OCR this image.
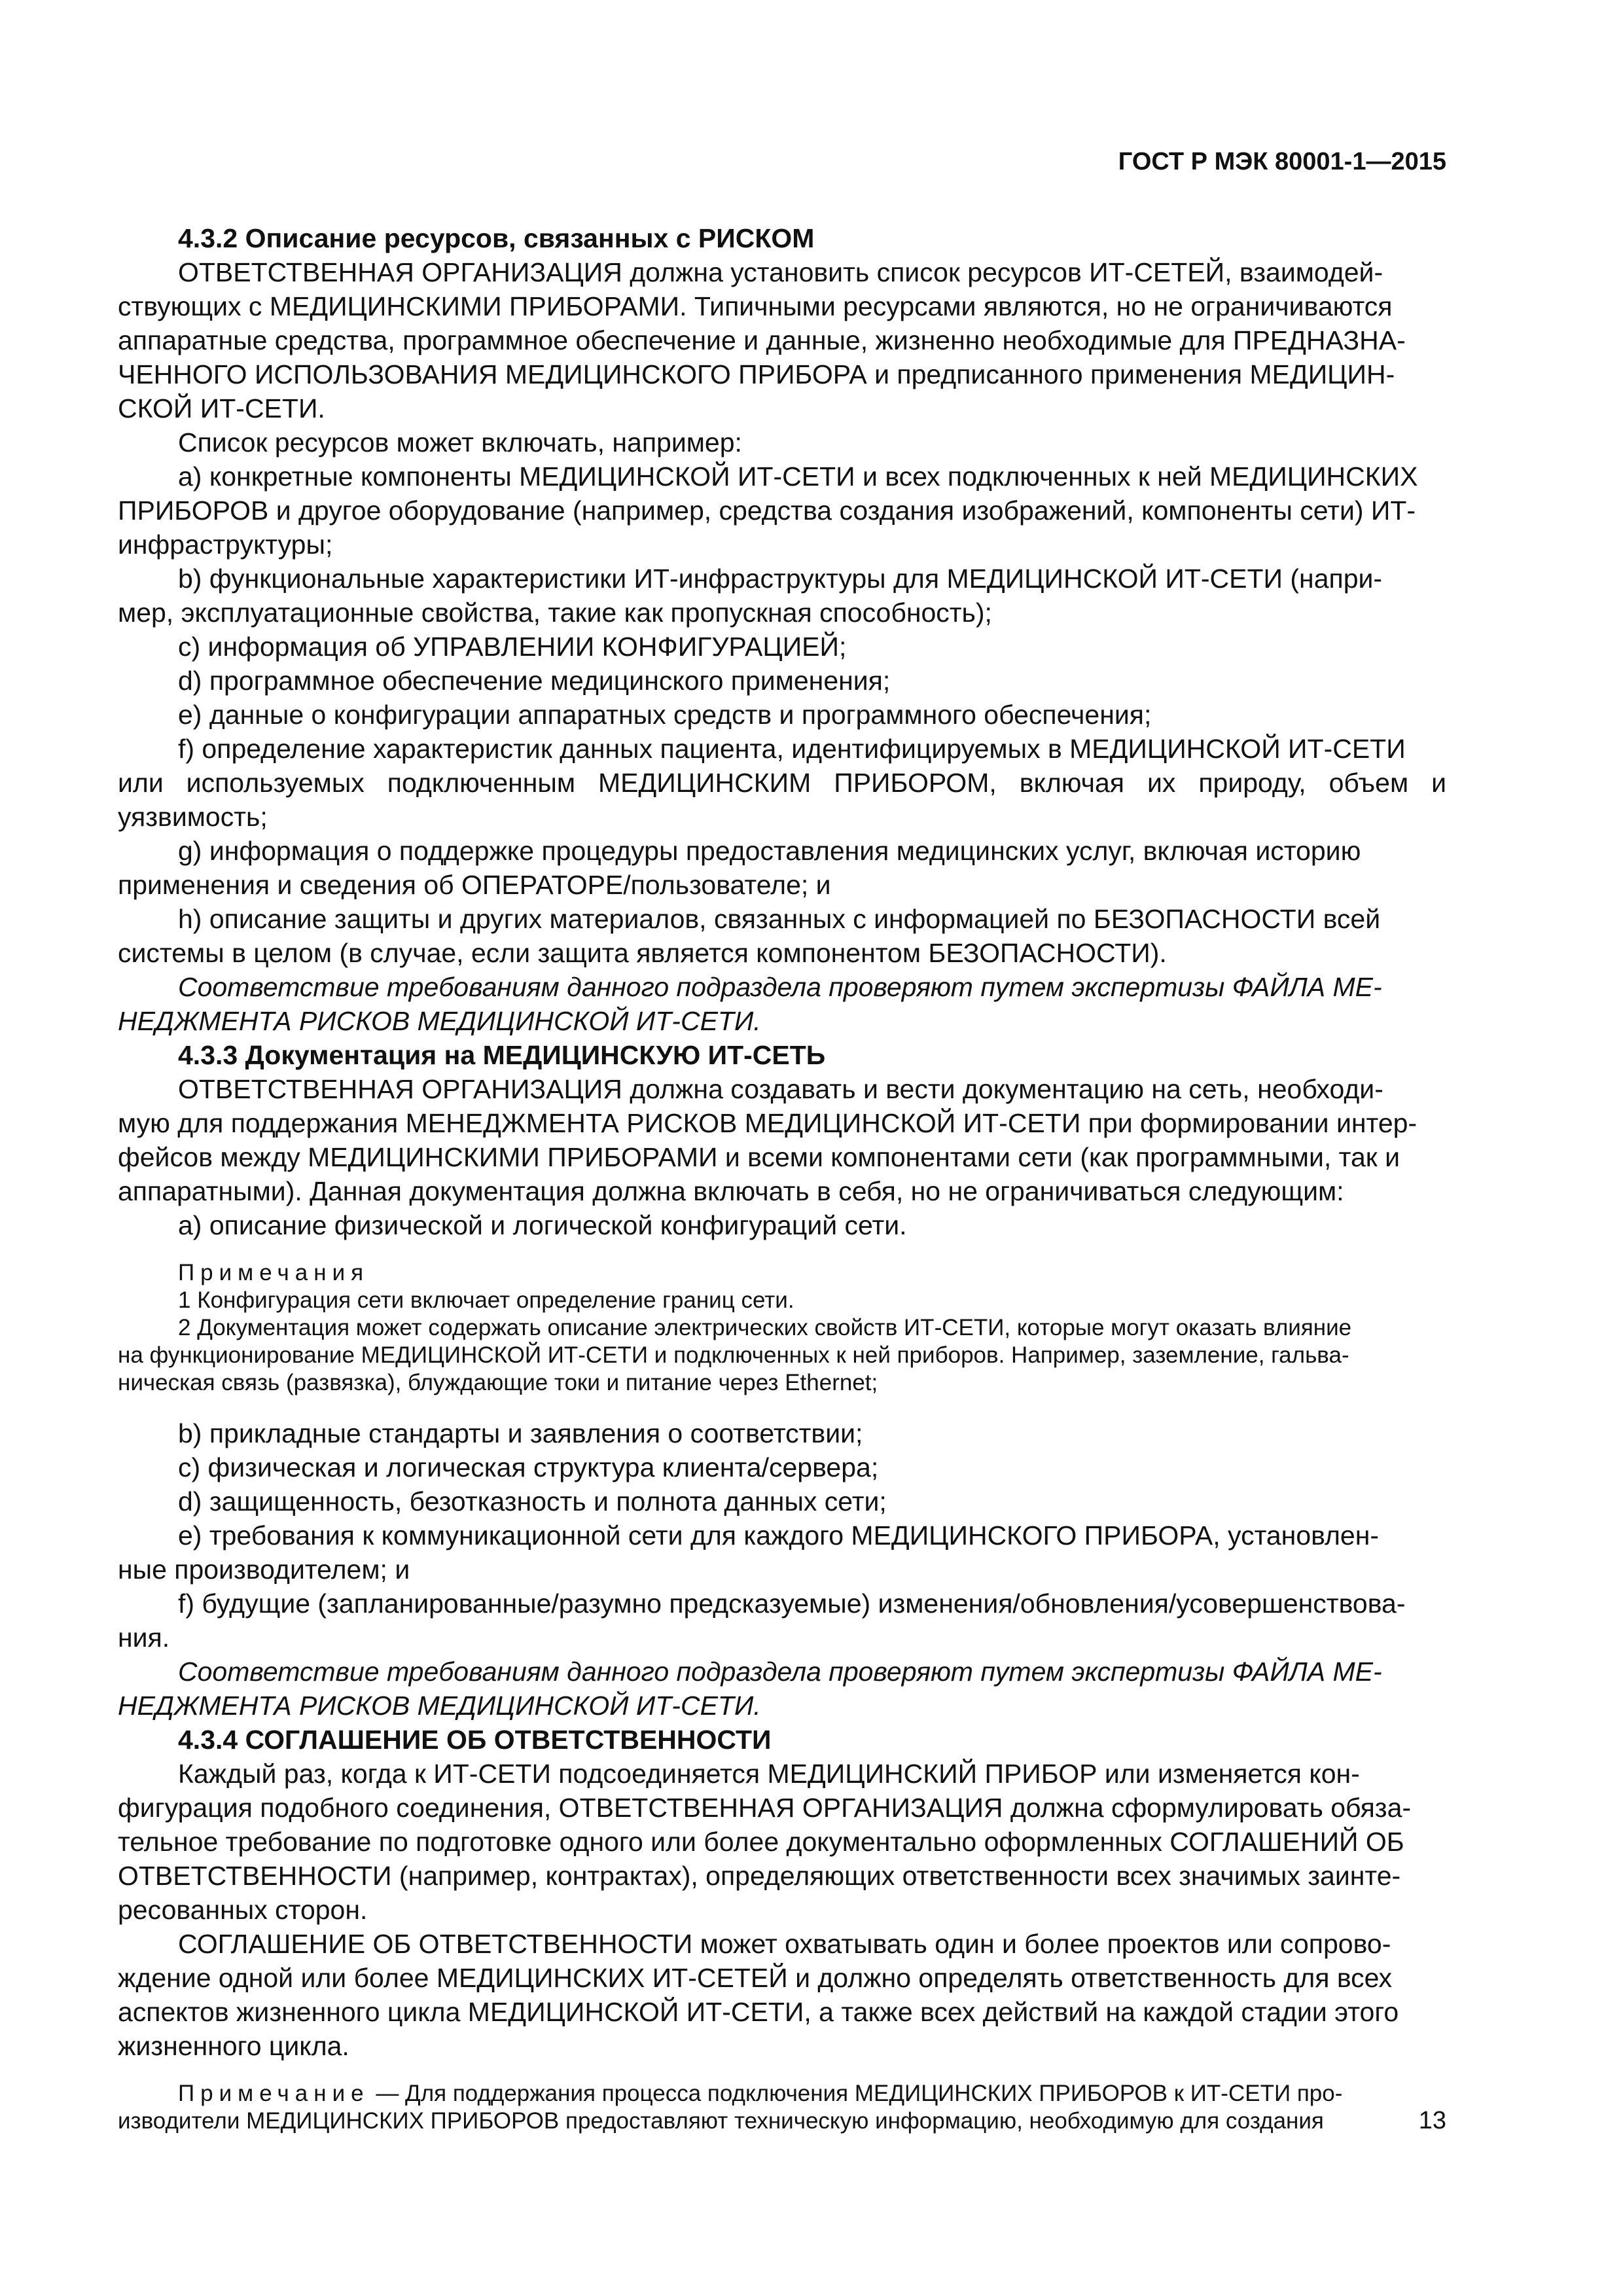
ГОСТ Р МЭК 80001-1—2015

4.3.2 Описание ресурсов, связанных с РИСКОМ

ОТВЕТСТВЕННАЯ ОРГАНИЗАЦИЯ должна установить список ресурсов ИТ-СЕТЕЙ, взаимодей-
ствующих с МЕДИЦИНСКИМИ ПРИБОРАМИ. Типичными ресурсами являются, но не ограничиваются
аппаратные средства, программное обеспечение и данные, жизненно необходимые для ПРЕДНАЗНА-
ЧЕННОГО ИСПОЛЬЗОВАНИЯ МЕДИЦИНСКОГО ПРИБОРА и предписанного применения МЕДИЦИН-
СКОЙ ИТ-СЕТИ.

Список ресурсов может включать, например:

a) конкретные компоненты МЕДИЦИНСКОЙ ИТ-СЕТИ и всех подключенных к ней МЕДИЦИНСКИХ
ПРИБОРОВ и другое оборудование (например, средства создания изображений, компоненты сети) ИТ-
инфраструктуры;

b) функциональные характеристики ИТ-инфраструктуры для МЕДИЦИНСКОЙ ИТ-СЕТИ (напри-
мер, эксплуатационные свойства, такие как пропускная способность);

c) информация об УПРАВЛЕНИИ КОНФИГУРАЦИЕЙ;

d) программное обеспечение медицинского применения;

e) данные о конфигурации аппаратных средств и программного обеспечения;

f) определение характеристик данных пациента, идентифицируемых в МЕДИЦИНСКОЙ ИТ-СЕТИ
или используемых подключенным МЕДИЦИНСКИМ ПРИБОРОМ, включая их природу, объем и уязвимость;

g) информация о поддержке процедуры предоставления медицинских услуг, включая историю
применения и сведения об ОПЕРАТОРЕ/пользователе; и

h) описание защиты и других материалов, связанных с информацией по БЕЗОПАСНОСТИ всей
системы в целом (в случае, если защита является компонентом БЕЗОПАСНОСТИ).

Соответствие требованиям данного подраздела проверяют путем экспертизы ФАЙЛА МЕ-
НЕДЖМЕНТА РИСКОВ МЕДИЦИНСКОЙ ИТ-СЕТИ.

4.3.3 Документация на МЕДИЦИНСКУЮ ИТ-СЕТЬ

ОТВЕТСТВЕННАЯ ОРГАНИЗАЦИЯ должна создавать и вести документацию на сеть, необходи-
мую для поддержания МЕНЕДЖМЕНТА РИСКОВ МЕДИЦИНСКОЙ ИТ-СЕТИ при формировании интер-
фейсов между МЕДИЦИНСКИМИ ПРИБОРАМИ и всеми компонентами сети (как программными, так и
аппаратными). Данная документация должна включать в себя, но не ограничиваться следующим:

a) описание физической и логической конфигураций сети.

Примечания

1 Конфигурация сети включает определение границ сети.

2 Документация может содержать описание электрических свойств ИТ-СЕТИ, которые могут оказать влияние
на функционирование МЕДИЦИНСКОЙ ИТ-СЕТИ и подключенных к ней приборов. Например, заземление, гальва-
ническая связь (развязка), блуждающие токи и питание через Ethernet;

b) прикладные стандарты и заявления о соответствии;

c) физическая и логическая структура клиента/сервера;

d) защищенность, безотказность и полнота данных сети;

e) требования к коммуникационной сети для каждого МЕДИЦИНСКОГО ПРИБОРА, установлен-
ные производителем; и

f) будущие (запланированные/разумно предсказуемые) изменения/обновления/усовершенствова-
ния.

Соответствие требованиям данного подраздела проверяют путем экспертизы ФАЙЛА МЕ-
НЕДЖМЕНТА РИСКОВ МЕДИЦИНСКОЙ ИТ-СЕТИ.

4.3.4 СОГЛАШЕНИЕ ОБ ОТВЕТСТВЕННОСТИ

Каждый раз, когда к ИТ-СЕТИ подсоединяется МЕДИЦИНСКИЙ ПРИБОР или изменяется кон-
фигурация подобного соединения, ОТВЕТСТВЕННАЯ ОРГАНИЗАЦИЯ должна сформулировать обяза-
тельное требование по подготовке одного или более документально оформленных СОГЛАШЕНИЙ ОБ
ОТВЕТСТВЕННОСТИ (например, контрактах), определяющих ответственности всех значимых заинте-
ресованных сторон.

СОГЛАШЕНИЕ ОБ ОТВЕТСТВЕННОСТИ может охватывать один и более проектов или сопрово-
ждение одной или более МЕДИЦИНСКИХ ИТ-СЕТЕЙ и должно определять ответственность для всех
аспектов жизненного цикла МЕДИЦИНСКОЙ ИТ-СЕТИ, а также всех действий на каждой стадии этого
жизненного цикла.

Примечание — Для поддержания процесса подключения МЕДИЦИНСКИХ ПРИБОРОВ к ИТ-СЕТИ про-
изводители МЕДИЦИНСКИХ ПРИБОРОВ предоставляют техническую информацию, необходимую для создания	13
